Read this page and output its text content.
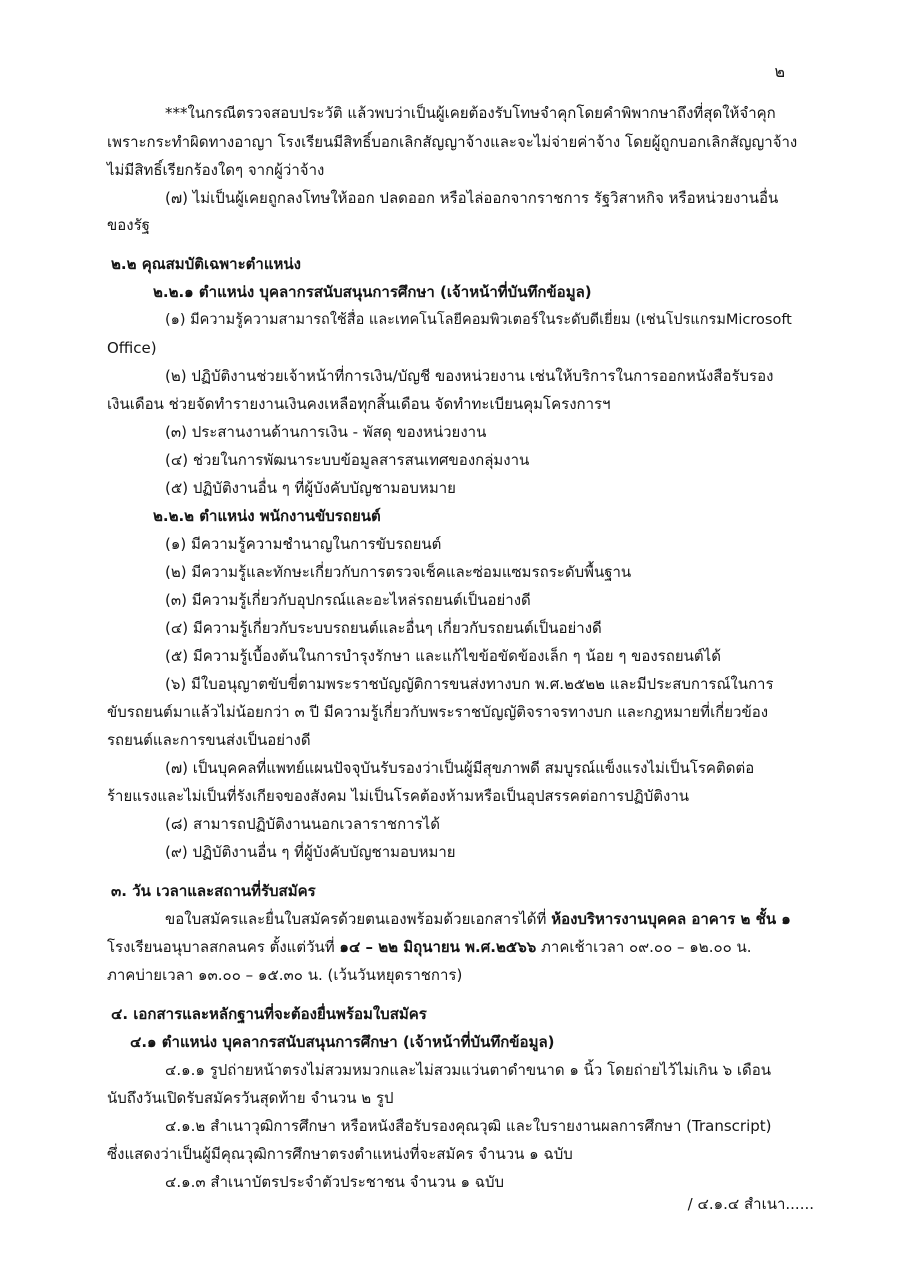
๒
***ในกรณีตรวจสอบประวัติ แล้วพบว่าเป็นผู้เคยต้องรับโทษจำคุกโดยคำพิพากษาถึงที่สุดให้จำคุก
เพราะกระทำผิดทางอาญา โรงเรียนมีสิทธิ์บอกเลิกสัญญาจ้างและจะไม่จ่ายค่าจ้าง โดยผู้ถูกบอกเลิกสัญญาจ้าง
ไม่มีสิทธิ์เรียกร้องใดๆ จากผู้ว่าจ้าง
(๗) ไม่เป็นผู้เคยถูกลงโทษให้ออก ปลดออก หรือไล่ออกจากราชการ รัฐวิสาหกิจ หรือหน่วยงานอื่น
ของรัฐ
๒.๒ คุณสมบัติเฉพาะตำแหน่ง
๒.๒.๑ ตำแหน่ง บุคลากรสนับสนุนการศึกษา (เจ้าหน้าที่บันทึกข้อมูล)
(๑) มีความรู้ความสามารถใช้สื่อ และเทคโนโลยีคอมพิวเตอร์ในระดับดีเยี่ยม (เช่นโปรแกรมMicrosoft
Office)
(๒) ปฏิบัติงานช่วยเจ้าหน้าที่การเงิน/บัญชี ของหน่วยงาน เช่นให้บริการในการออกหนังสือรับรอง
เงินเดือน ช่วยจัดทำรายงานเงินคงเหลือทุกสิ้นเดือน จัดทำทะเบียนคุมโครงการฯ
(๓) ประสานงานด้านการเงิน - พัสดุ ของหน่วยงาน
(๔) ช่วยในการพัฒนาระบบข้อมูลสารสนเทศของกลุ่มงาน
(๕) ปฏิบัติงานอื่น ๆ ที่ผู้บังคับบัญชามอบหมาย
๒.๒.๒ ตำแหน่ง พนักงานขับรถยนต์
(๑) มีความรู้ความชำนาญในการขับรถยนต์
(๒) มีความรู้และทักษะเกี่ยวกับการตรวจเช็คและซ่อมแซมรถระดับพื้นฐาน
(๓) มีความรู้เกี่ยวกับอุปกรณ์และอะไหล่รถยนต์เป็นอย่างดี
(๔) มีความรู้เกี่ยวกับระบบรถยนต์และอื่นๆ เกี่ยวกับรถยนต์เป็นอย่างดี
(๕) มีความรู้เบื้องต้นในการบำรุงรักษา และแก้ไขข้อขัดข้องเล็ก ๆ น้อย ๆ ของรถยนต์ได้
(๖) มีใบอนุญาตขับขี่ตามพระราชบัญญัติการขนส่งทางบก พ.ศ.๒๕๒๒ และมีประสบการณ์ในการ
ขับรถยนต์มาแล้วไม่น้อยกว่า ๓ ปี มีความรู้เกี่ยวกับพระราชบัญญัติจราจรทางบก และกฎหมายที่เกี่ยวข้อง
รถยนต์และการขนส่งเป็นอย่างดี
(๗) เป็นบุคคลที่แพทย์แผนปัจจุบันรับรองว่าเป็นผู้มีสุขภาพดี สมบูรณ์แข็งแรงไม่เป็นโรคติดต่อ
ร้ายแรงและไม่เป็นที่รังเกียจของสังคม ไม่เป็นโรคต้องห้ามหรือเป็นอุปสรรคต่อการปฏิบัติงาน
(๘) สามารถปฏิบัติงานนอกเวลาราชการได้
(๙) ปฏิบัติงานอื่น ๆ ที่ผู้บังคับบัญชามอบหมาย
๓. วัน เวลาและสถานที่รับสมัคร
ขอใบสมัครและยื่นใบสมัครด้วยตนเองพร้อมด้วยเอกสารได้ที่ ห้องบริหารงานบุคคล อาคาร ๒ ชั้น ๑
โรงเรียนอนุบาลสกลนคร ตั้งแต่วันที่ ๑๔ – ๒๒ มิถุนายน พ.ศ.๒๕๖๖ ภาคเช้าเวลา ๐๙.๐๐ – ๑๒.๐๐ น.
ภาคบ่ายเวลา ๑๓.๐๐ – ๑๕.๓๐ น. (เว้นวันหยุดราชการ)
๔. เอกสารและหลักฐานที่จะต้องยื่นพร้อมใบสมัคร
๔.๑ ตำแหน่ง บุคลากรสนับสนุนการศึกษา (เจ้าหน้าที่บันทึกข้อมูล)
๔.๑.๑ รูปถ่ายหน้าตรงไม่สวมหมวกและไม่สวมแว่นตาดำขนาด ๑ นิ้ว โดยถ่ายไว้ไม่เกิน ๖ เดือน
นับถึงวันเปิดรับสมัครวันสุดท้าย จำนวน ๒ รูป
๔.๑.๒ สำเนาวุฒิการศึกษา หรือหนังสือรับรองคุณวุฒิ และใบรายงานผลการศึกษา (Transcript)
ซึ่งแสดงว่าเป็นผู้มีคุณวุฒิการศึกษาตรงตำแหน่งที่จะสมัคร จำนวน ๑ ฉบับ
๔.๑.๓ สำเนาบัตรประจำตัวประชาชน จำนวน ๑ ฉบับ
/ ๔.๑.๔ สำเนา......
